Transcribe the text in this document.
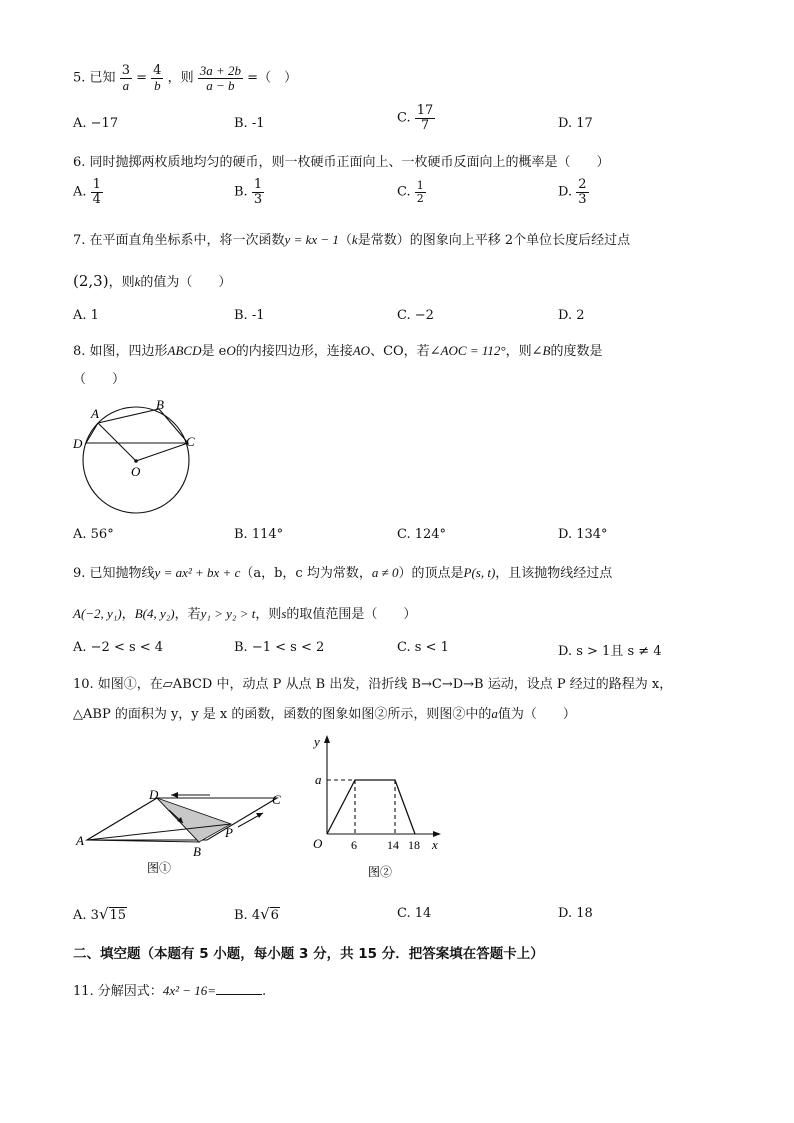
5. 已知 $\frac{3}{a} = \frac{4}{b}$ ，则 $\frac{3a + 2b}{a - b}$ =（　）
A. −17	B. -1	C. $\frac{17}{7}$	D. 17
6. 同时抛掷两枚质地均匀的硬币，则一枚硬币正面向上、一枚硬币反面向上的概率是（　　）
A. $\frac{1}{4}$	B. $\frac{1}{3}$	C. $\frac{1}{2}$	D. $\frac{2}{3}$
7. 在平面直角坐标系中，将一次函数y = kx − 1（k是常数）的图象向上平移 2个单位长度后经过点
(2,3)，则k的值为（　　）
A. 1	B. -1	C. −2	D. 2
8. 如图，四边形ABCD是 eO的内接四边形，连接AO、CO，若∠AOC = 112°，则∠B的度数是
（　　）
A
B
C
D
O
A. 56°	B. 114°	C. 124°	D. 134°
9. 已知抛物线y = ax² + bx + c（a，b，c 均为常数，a ≠ 0）的顶点是P(s, t)，且该抛物线经过点
A(−2, y₁)，B(4, y₂)，若y₁ > y₂ > t，则s的取值范围是（　　）
A. −2 < s < 4	B. −1 < s < 2	C. s < 1	D. s > 1且 s ≠ 4
10. 如图①，在▱ABCD 中，动点 P 从点 B 出发，沿折线 B→C→D→B 运动，设点 P 经过的路程为 x，
△ABP 的面积为 y，y 是 x 的函数，函数的图象如图②所示，则图②中的a值为（　　）
A
D	C
B
P
图①
y
a
O 6	14 18 x
图②
A. 3√15	B. 4√6	C. 14	D. 18
二、填空题（本题有 5 小题，每小题 3 分，共 15 分．把答案填在答题卡上）
11. 分解因式：4x² − 16=	.
